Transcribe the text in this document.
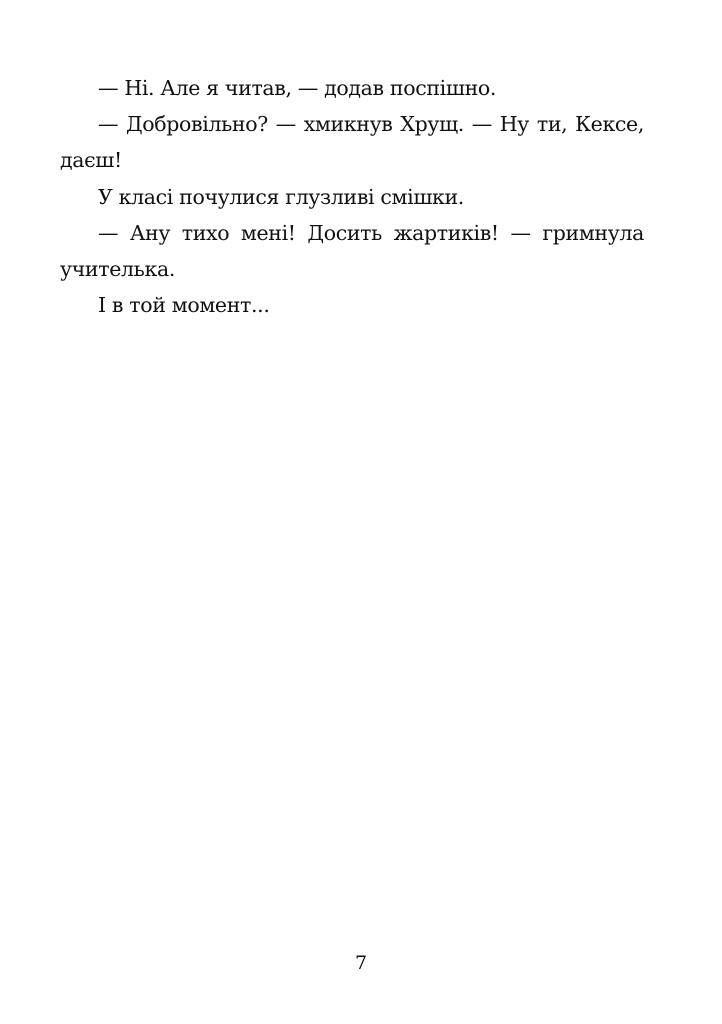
— Ні. Але я читав, — додав поспішно.

— Добровільно? — хмикнув Хрущ. — Ну ти, Кексе, даєш!

У класі почулися глузливі смішки.

— Ану тихо мені! Досить жартиків! — гримнула учителька.

І в той момент...

7
